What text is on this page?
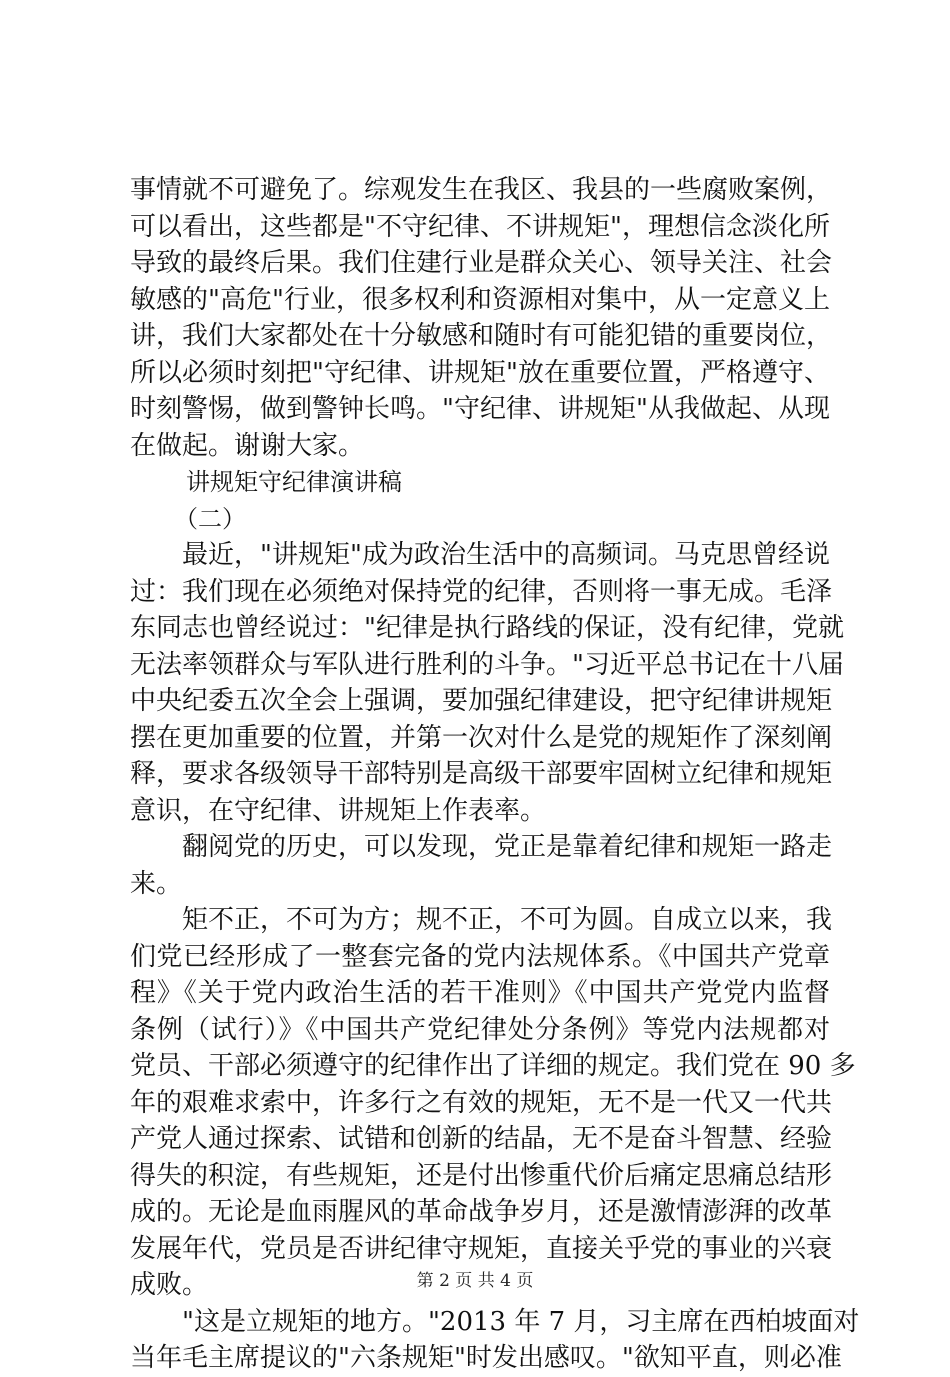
事情就不可避免了。综观发生在我区、我县的一些腐败案例，
可以看出，这些都是"不守纪律、不讲规矩"，理想信念淡化所
导致的最终后果。我们住建行业是群众关心、领导关注、社会
敏感的"高危"行业，很多权利和资源相对集中，从一定意义上
讲，我们大家都处在十分敏感和随时有可能犯错的重要岗位，
所以必须时刻把"守纪律、讲规矩"放在重要位置，严格遵守、
时刻警惕，做到警钟长鸣。"守纪律、讲规矩"从我做起、从现
在做起。谢谢大家。
讲规矩守纪律演讲稿
（二）
　　最近，"讲规矩"成为政治生活中的高频词。马克思曾经说
过：我们现在必须绝对保持党的纪律，否则将一事无成。毛泽
东同志也曾经说过："纪律是执行路线的保证，没有纪律，党就
无法率领群众与军队进行胜利的斗争。"习近平总书记在十八届
中央纪委五次全会上强调，要加强纪律建设，把守纪律讲规矩
摆在更加重要的位置，并第一次对什么是党的规矩作了深刻阐
释，要求各级领导干部特别是高级干部要牢固树立纪律和规矩
意识，在守纪律、讲规矩上作表率。
　　翻阅党的历史，可以发现，党正是靠着纪律和规矩一路走
来。
　　矩不正，不可为方；规不正，不可为圆。自成立以来，我
们党已经形成了一整套完备的党内法规体系。《中国共产党章
程》《关于党内政治生活的若干准则》《中国共产党党内监督
条例（试行）》《中国共产党纪律处分条例》等党内法规都对
党员、干部必须遵守的纪律作出了详细的规定。我们党在 90 多
年的艰难求索中，许多行之有效的规矩，无不是一代又一代共
产党人通过探索、试错和创新的结晶，无不是奋斗智慧、经验
得失的积淀，有些规矩，还是付出惨重代价后痛定思痛总结形
成的。无论是血雨腥风的革命战争岁月，还是激情澎湃的改革
发展年代，党员是否讲纪律守规矩，直接关乎党的事业的兴衰
成败。
　　"这是立规矩的地方。"2013 年 7 月，习主席在西柏坡面对
当年毛主席提议的"六条规矩"时发出感叹。"欲知平直，则必准
第 2 页 共 4 页
